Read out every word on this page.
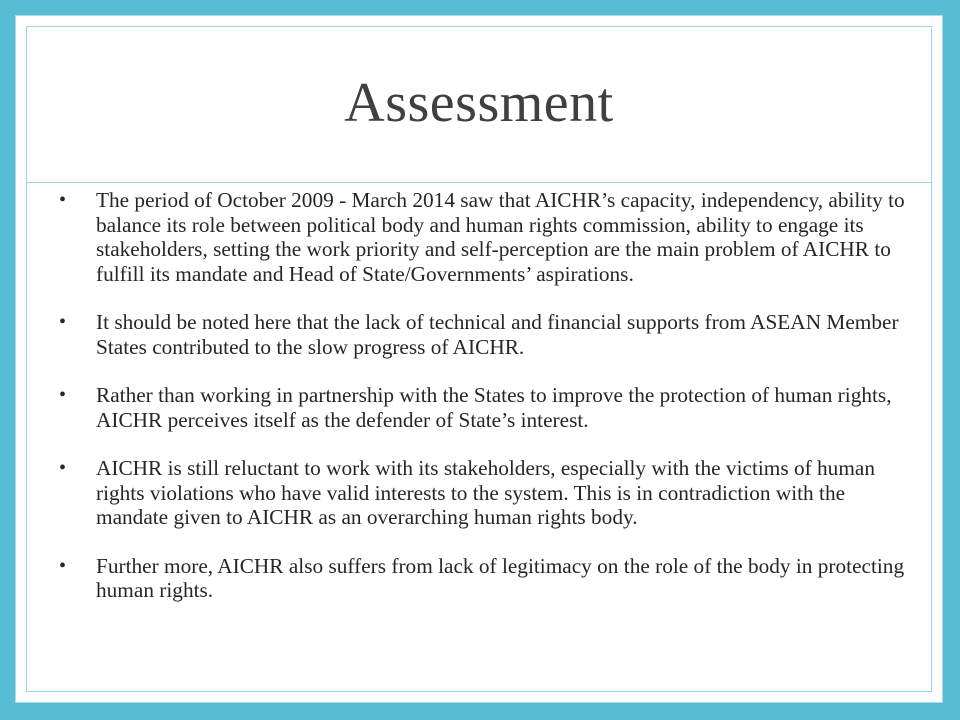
Assessment
• The period of October 2009 - March 2014 saw that AICHR’s capacity, independency, ability to balance its role between political body and human rights commission, ability to engage its stakeholders, setting the work priority and self-perception are the main problem of AICHR to fulfill its mandate and Head of State/Governments’ aspirations.
• It should be noted here that the lack of technical and financial supports from ASEAN Member States contributed to the slow progress of AICHR.
• Rather than working in partnership with the States to improve the protection of human rights, AICHR perceives itself as the defender of State’s interest.
• AICHR is still reluctant to work with its stakeholders, especially with the victims of human rights violations who have valid interests to the system. This is in contradiction with the mandate given to AICHR as an overarching human rights body.
• Further more, AICHR also suffers from lack of legitimacy on the role of the body in protecting human rights.
